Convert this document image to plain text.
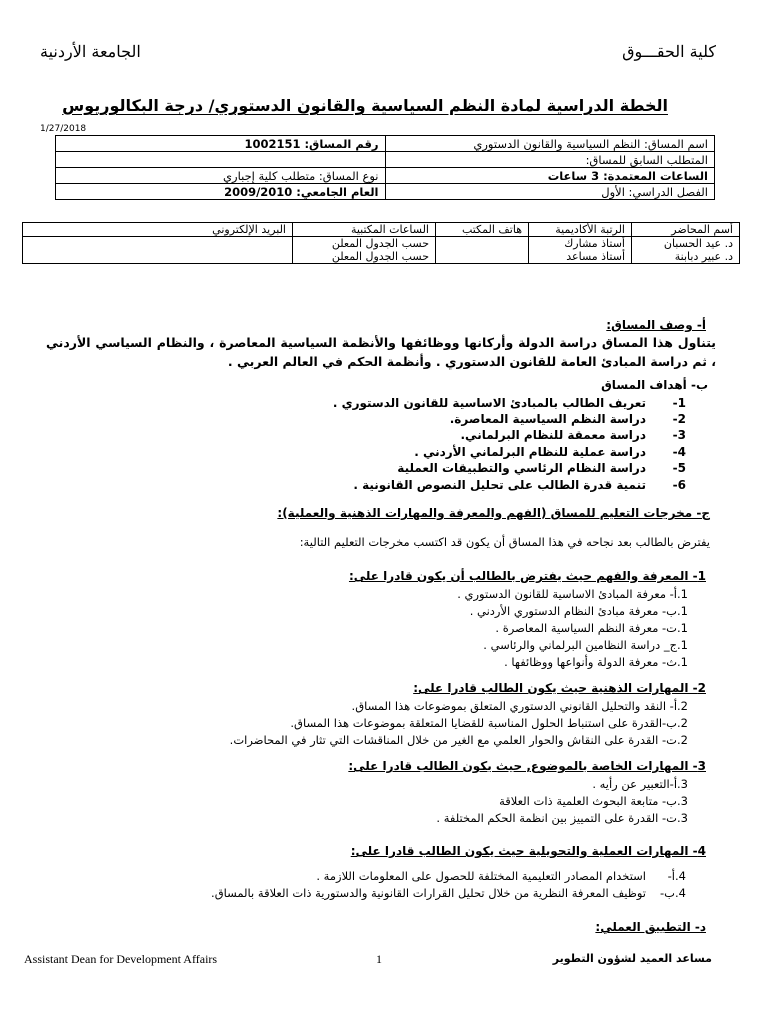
كلية الحقـــوق
الجامعة الأردنية
الخطة الدراسية لمادة النظم السياسية والقانون الدستوري/ درجة البكالوريوس
1/27/2018
اسم المساق: النظم السياسية والقانون الدستوري	رقم المساق: 1002151
المتطلب السابق للمساق:	
الساعات المعتمدة: 3 ساعات	نوع المساق: متطلب كلية إجباري
الفصل الدراسي: الأول	العام الجامعي: 2009/2010
أسم المحاضر	الرتبة الأكاديمية	هاتف المكتب	الساعات المكتبية	البريد الإلكتروني
د. عيد الحسبان	أستاذ مشارك		حسب الجدول المعلن	
د. عبير دبابنة	أستاذ مساعد		حسب الجدول المعلن	
أ- وصف المساق:
يتناول هذا المساق دراسة الدولة وأركانها ووظائفها والأنظمة السياسية المعاصرة ، والنظام السياسي الأردني ، ثم دراسة المبادئ العامة للقانون الدستوري . وأنظمة الحكم في العالم العربي .
ب- أهداف المساق
1-تعريف الطالب بالمبادئ الاساسية للقانون الدستوري .
2-دراسة النظم السياسية المعاصرة.
3-دراسة معمقة للنظام البرلماني.
4-دراسة عملية للنظام البرلماني الأردني .
5-دراسة النظام الرئاسي والتطبيقات العملية
6-تنمية قدرة الطالب على تحليل النصوص القانونية .
ج- مخرجات التعليم للمساق (الفهم والمعرفة والمهارات الذهنية والعملية):
يفترض بالطالب بعد نجاحه في هذا المساق أن يكون قد اكتسب مخرجات التعليم التالية:
1- المعرفة والفهم حيث يفترض بالطالب أن يكون قادرا على:
1.أ- معرفة المبادئ الاساسية للقانون الدستوري .
1.ب- معرفة مبادئ النظام الدستوري الأردني .
1.ت- معرفة النظم السياسية المعاصرة .
1.ج_ دراسة النظامين البرلماني والرئاسي .
1.ث- معرفة الدولة وأنواعها ووظائفها .
2- المهارات الذهنية حيث يكون الطالب قادرا على:
2.أ- النقد والتحليل القانوني الدستوري المتعلق بموضوعات هذا المساق.
2.ب-القدرة على استنباط الحلول المناسبة للقضايا المتعلقة بموضوعات هذا المساق.
2.ت- القدرة على النقاش والحوار العلمي مع الغير من خلال المناقشات التي تثار في المحاضرات.
3- المهارات الخاصة بالموضوع, حيث يكون الطالب قادرا على:
3.أ-التعبير عن رأيه .
3.ب- متابعة البحوث العلمية ذات العلاقة
3.ت- القدرة على التمييز بين انظمة الحكم المختلفة .
4- المهارات العملية والتحويلية حيث يكون الطالب قادرا على:
4.أ-استخدام المصادر التعليمية المختلفة للحصول على المعلومات اللازمة .
4.ب-توظيف المعرفة النظرية من خلال تحليل القرارات القانونية والدستورية ذات العلاقة بالمساق.
د- التطبيق العملي:
Assistant Dean for Development Affairs	1	مساعد العميد لشؤون التطوير
